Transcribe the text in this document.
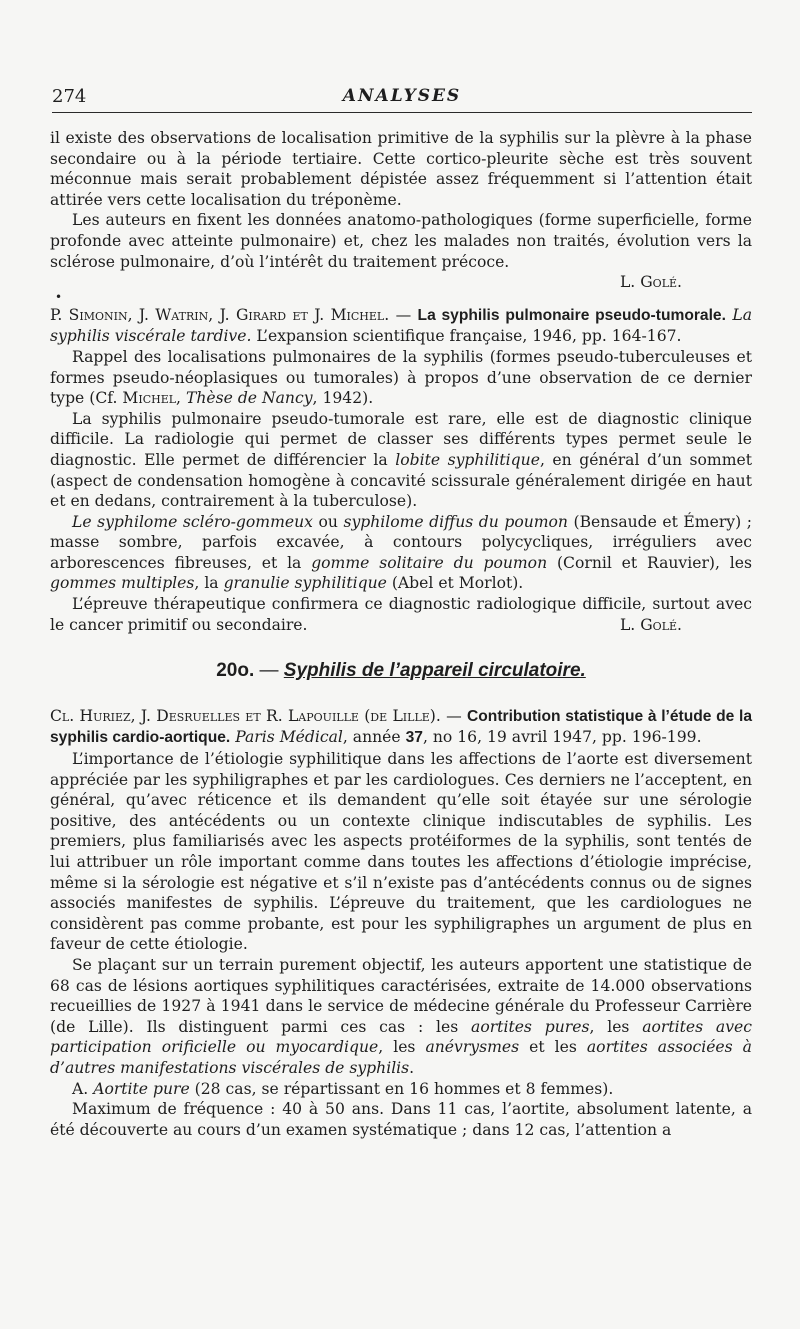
274	ANALYSES

il existe des observations de localisation primitive de la syphilis sur la plèvre à la phase secondaire ou à la période tertiaire. Cette cortico-pleurite sèche est très souvent méconnue mais serait probablement dépistée assez fréquemment si l’attention était attirée vers cette localisation du tréponème.

Les auteurs en fixent les données anatomo-pathologiques (forme superficielle, forme profonde avec atteinte pulmonaire) et, chez les malades non traités, évolution vers la sclérose pulmonaire, d’où l’intérêt du traitement précoce.

L. Golé.

•

P. Simonin, J. Watrin, J. Girard et J. Michel. — La syphilis pulmonaire pseudo-tumorale. La syphilis viscérale tardive. L’expansion scientifique française, 1946, pp. 164-167.

Rappel des localisations pulmonaires de la syphilis (formes pseudo-tuberculeuses et formes pseudo-néoplasiques ou tumorales) à propos d’une observation de ce dernier type (Cf. Michel, Thèse de Nancy, 1942).

La syphilis pulmonaire pseudo-tumorale est rare, elle est de diagnostic clinique difficile. La radiologie qui permet de classer ses différents types permet seule le diagnostic. Elle permet de différencier la lobite syphilitique, en général d’un sommet (aspect de condensation homogène à concavité scissurale généralement dirigée en haut et en dedans, contrairement à la tuberculose).

Le syphilome scléro-gommeux ou syphilome diffus du poumon (Bensaude et Émery) ; masse sombre, parfois excavée, à contours polycycliques, irréguliers avec arborescences fibreuses, et la gomme solitaire du poumon (Cornil et Rauvier), les gommes multiples, la granulie syphilitique (Abel et Morlot).

L’épreuve thérapeutique confirmera ce diagnostic radiologique difficile, surtout avec le cancer primitif ou secondaire.	L. Golé.

20o. — Syphilis de l’appareil circulatoire.

Cl. Huriez, J. Desruelles et R. Lapouille (de Lille). — Contribution statistique à l’étude de la syphilis cardio-aortique. Paris Médical, année 37, no 16, 19 avril 1947, pp. 196-199.

L’importance de l’étiologie syphilitique dans les affections de l’aorte est diversement appréciée par les syphiligraphes et par les cardiologues. Ces derniers ne l’acceptent, en général, qu’avec réticence et ils demandent qu’elle soit étayée sur une sérologie positive, des antécédents ou un contexte clinique indiscutables de syphilis. Les premiers, plus familiarisés avec les aspects protéiformes de la syphilis, sont tentés de lui attribuer un rôle important comme dans toutes les affections d’étiologie imprécise, même si la sérologie est négative et s’il n’existe pas d’antécédents connus ou de signes associés manifestes de syphilis. L’épreuve du traitement, que les cardiologues ne considèrent pas comme probante, est pour les syphiligraphes un argument de plus en faveur de cette étiologie.

Se plaçant sur un terrain purement objectif, les auteurs apportent une statistique de 68 cas de lésions aortiques syphilitiques caractérisées, extraite de 14.000 observations recueillies de 1927 à 1941 dans le service de médecine générale du Professeur Carrière (de Lille). Ils distinguent parmi ces cas : les aortites pures, les aortites avec participation orificielle ou myocardique, les anévrysmes et les aortites associées à d’autres manifestations viscérales de syphilis.

A. Aortite pure (28 cas, se répartissant en 16 hommes et 8 femmes).

Maximum de fréquence : 40 à 50 ans. Dans 11 cas, l’aortite, absolument latente, a été découverte au cours d’un examen systématique ; dans 12 cas, l’attention a
